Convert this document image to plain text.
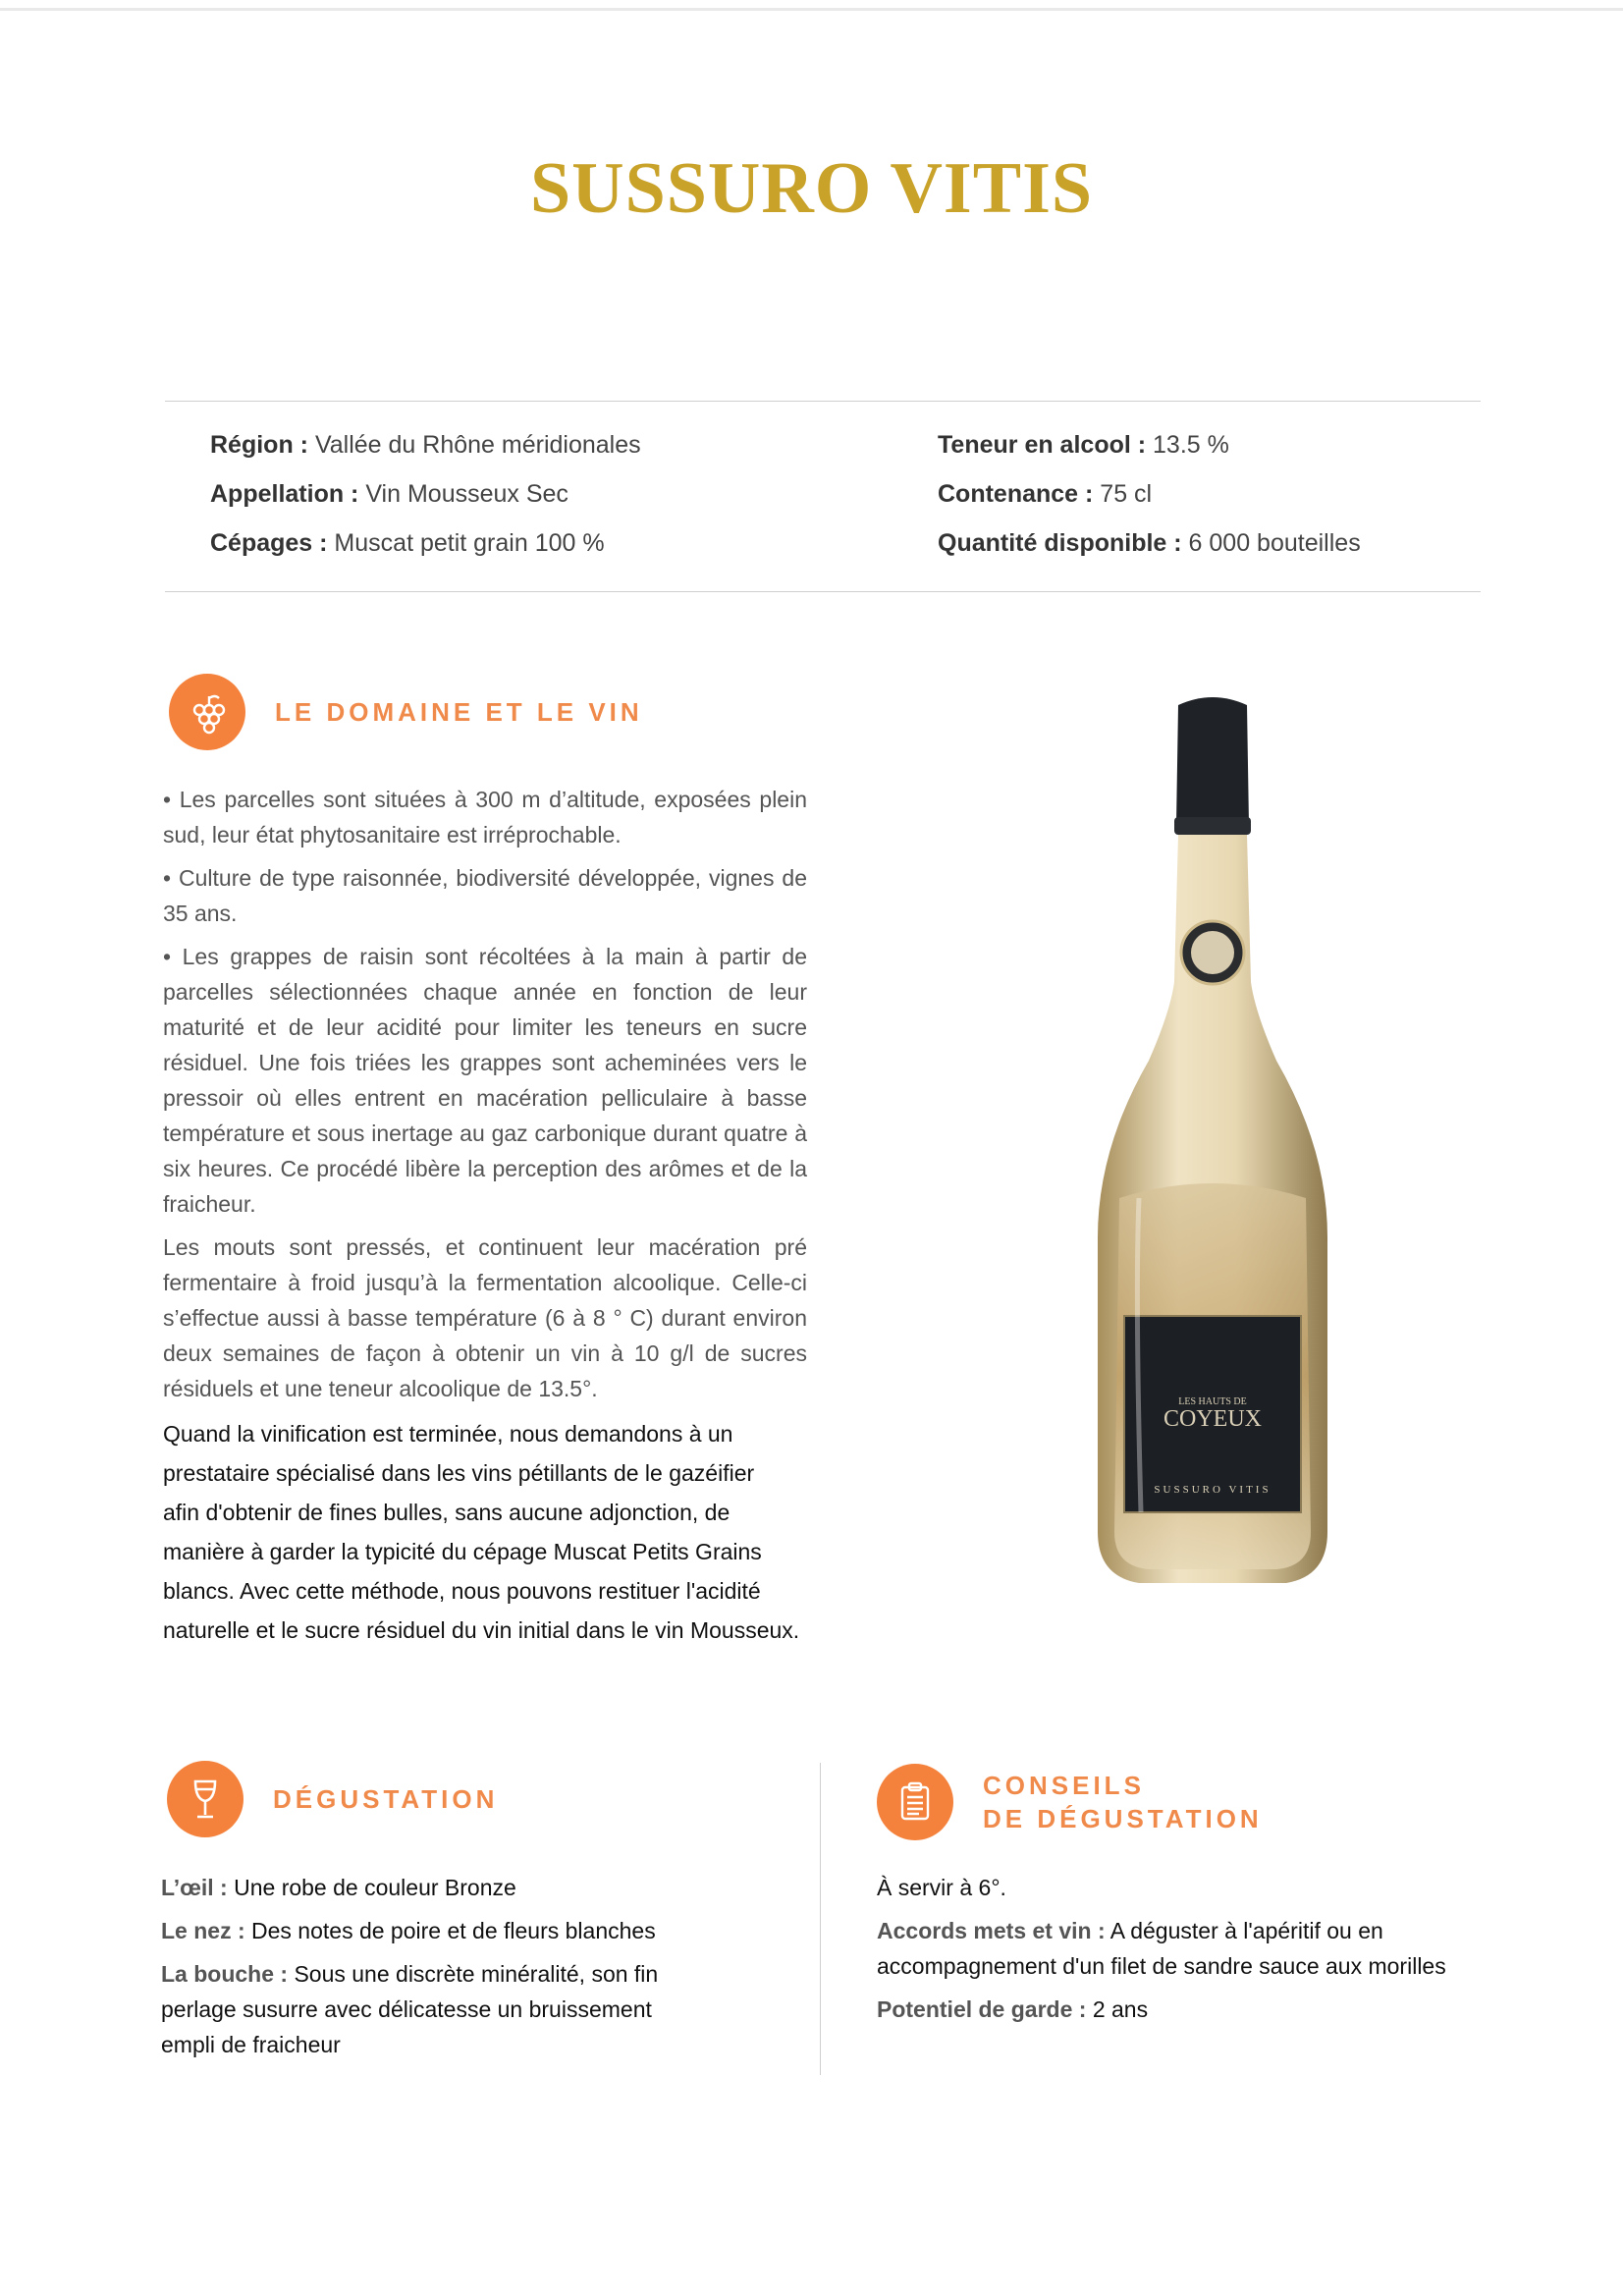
SUSSURO VITIS
Région : Vallée du Rhône méridionales
Appellation : Vin Mousseux Sec
Cépages : Muscat petit grain 100 %
Teneur en alcool : 13.5 %
Contenance : 75 cl
Quantité disponible : 6 000 bouteilles
LE DOMAINE ET LE VIN

• Les parcelles sont situées à 300 m d’altitude, exposées plein sud, leur état phytosanitaire est irréprochable.

• Culture de type raisonnée, biodiversité développée, vignes de 35 ans.

• Les grappes de raisin sont récoltées à la main à partir de parcelles sélectionnées chaque année en fonction de leur maturité et de leur acidité pour limiter les teneurs en sucre résiduel. Une fois triées les grappes sont acheminées vers le pressoir où elles entrent en macération pelliculaire à basse température et sous inertage au gaz carbonique durant quatre à six heures. Ce procédé libère la perception des arômes et de la fraicheur.

Les mouts sont pressés, et continuent leur macération pré fermentaire à froid jusqu’à la fermentation alcoolique. Celle-ci s’effectue aussi à basse température (6 à 8 ° C) durant environ deux semaines de façon à obtenir un vin à 10 g/l de sucres résiduels et une teneur alcoolique de 13.5°.

Quand la vinification est terminée, nous demandons à un
prestataire spécialisé dans les vins pétillants de le gazéifier
afin d'obtenir de fines bulles, sans aucune adjonction, de
manière à garder la typicité du cépage Muscat Petits Grains
blancs. Avec cette méthode, nous pouvons restituer l'acidité
naturelle et le sucre résiduel du vin initial dans le vin Mousseux.
LES HAUTS DE
COYEUX
SUSSURO VITIS
DÉGUSTATION

L’œil : Une robe de couleur Bronze

Le nez : Des notes de poire et de fleurs blanches

La bouche : Sous une discrète minéralité, son fin perlage susurre avec délicatesse un bruissement empli de fraicheur

CONSEILS
DE DÉGUSTATION

À servir à 6°.

Accords mets et vin : A déguster à l'apéritif ou en accompagnement d'un filet de sandre sauce aux morilles

Potentiel de garde : 2 ans
